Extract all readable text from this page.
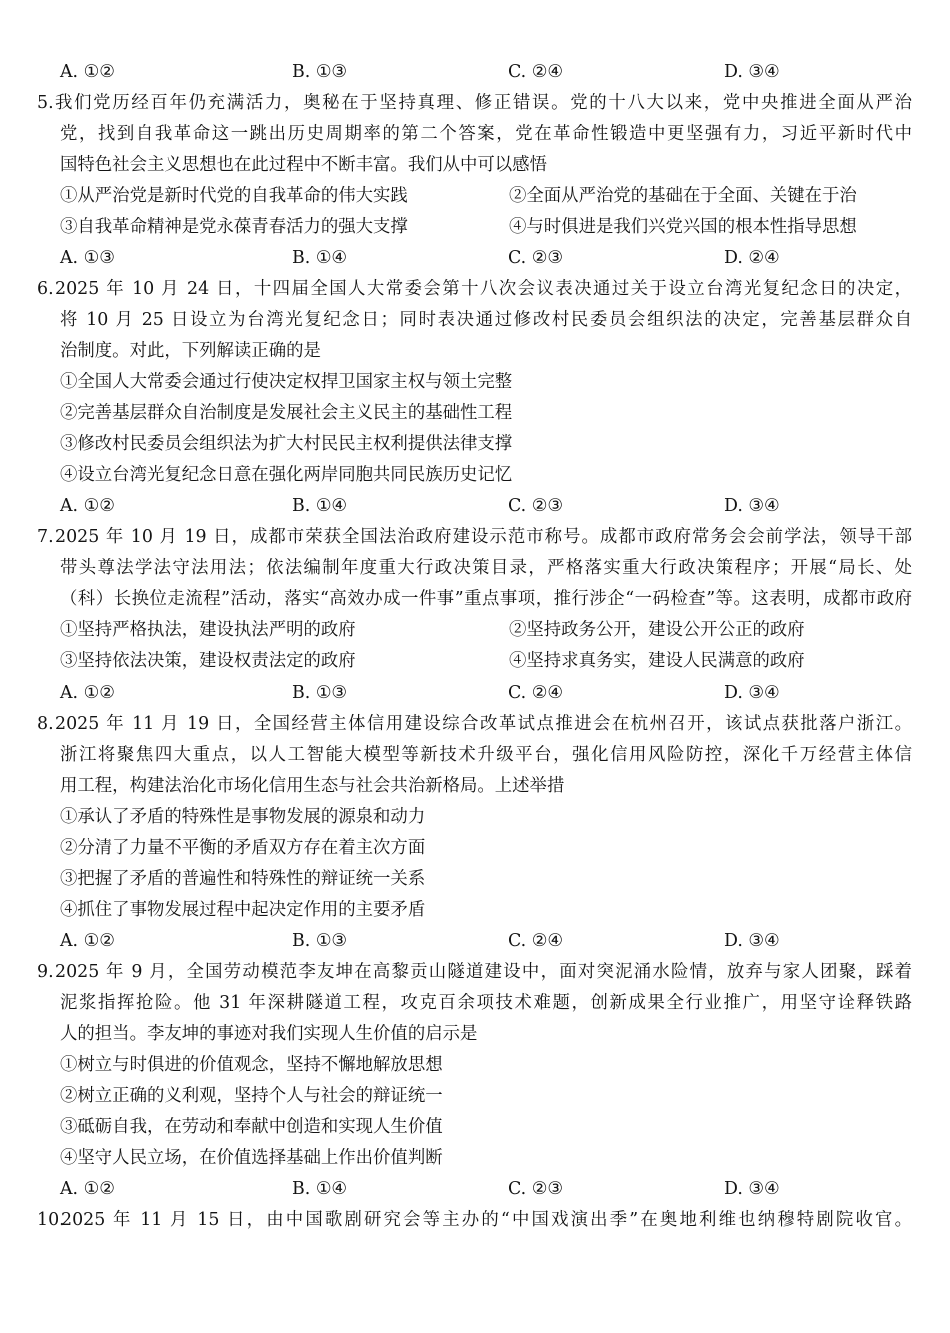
A. ①②	B. ①③	C. ②④	D. ③④
5. 我们党历经百年仍充满活力，奥秘在于坚持真理、修正错误。党的十八大以来，党中央推进全面从严治
党，找到自我革命这一跳出历史周期率的第二个答案，党在革命性锻造中更坚强有力，习近平新时代中
国特色社会主义思想也在此过程中不断丰富。我们从中可以感悟
①从严治党是新时代党的自我革命的伟大实践	②全面从严治党的基础在于全面、关键在于治
③自我革命精神是党永葆青春活力的强大支撑	④与时俱进是我们兴党兴国的根本性指导思想
A. ①③	B. ①④	C. ②③	D. ②④
6. 2025 年 10 月 24 日，十四届全国人大常委会第十八次会议表决通过关于设立台湾光复纪念日的决定，
将 10 月 25 日设立为台湾光复纪念日；同时表决通过修改村民委员会组织法的决定，完善基层群众自
治制度。对此，下列解读正确的是
①全国人大常委会通过行使决定权捍卫国家主权与领土完整
②完善基层群众自治制度是发展社会主义民主的基础性工程
③修改村民委员会组织法为扩大村民民主权利提供法律支撑
④设立台湾光复纪念日意在强化两岸同胞共同民族历史记忆
A. ①②	B. ①④	C. ②③	D. ③④
7. 2025 年 10 月 19 日，成都市荣获全国法治政府建设示范市称号。成都市政府常务会会前学法，领导干部
带头尊法学法守法用法；依法编制年度重大行政决策目录，严格落实重大行政决策程序；开展“局长、处
（科）长换位走流程”活动，落实“高效办成一件事”重点事项，推行涉企“一码检查”等。这表明，成都市政府
①坚持严格执法，建设执法严明的政府	②坚持政务公开，建设公开公正的政府
③坚持依法决策，建设权责法定的政府	④坚持求真务实，建设人民满意的政府
A. ①②	B. ①③	C. ②④	D. ③④
8. 2025 年 11 月 19 日，全国经营主体信用建设综合改革试点推进会在杭州召开，该试点获批落户浙江。
浙江将聚焦四大重点，以人工智能大模型等新技术升级平台，强化信用风险防控，深化千万经营主体信
用工程，构建法治化市场化信用生态与社会共治新格局。上述举措
①承认了矛盾的特殊性是事物发展的源泉和动力
②分清了力量不平衡的矛盾双方存在着主次方面
③把握了矛盾的普遍性和特殊性的辩证统一关系
④抓住了事物发展过程中起决定作用的主要矛盾
A. ①②	B. ①③	C. ②④	D. ③④
9. 2025 年 9 月，全国劳动模范李友坤在高黎贡山隧道建设中，面对突泥涌水险情，放弃与家人团聚，踩着
泥浆指挥抢险。他 31 年深耕隧道工程，攻克百余项技术难题，创新成果全行业推广，用坚守诠释铁路
人的担当。李友坤的事迹对我们实现人生价值的启示是
①树立与时俱进的价值观念，坚持不懈地解放思想
②树立正确的义利观，坚持个人与社会的辩证统一
③砥砺自我，在劳动和奉献中创造和实现人生价值
④坚守人民立场，在价值选择基础上作出价值判断
A. ①②	B. ①④	C. ②③	D. ③④
10.
2025 年 11 月 15 日，由中国歌剧研究会等主办的“中国戏演出季”在奥地利维也纳穆特剧院收官。
